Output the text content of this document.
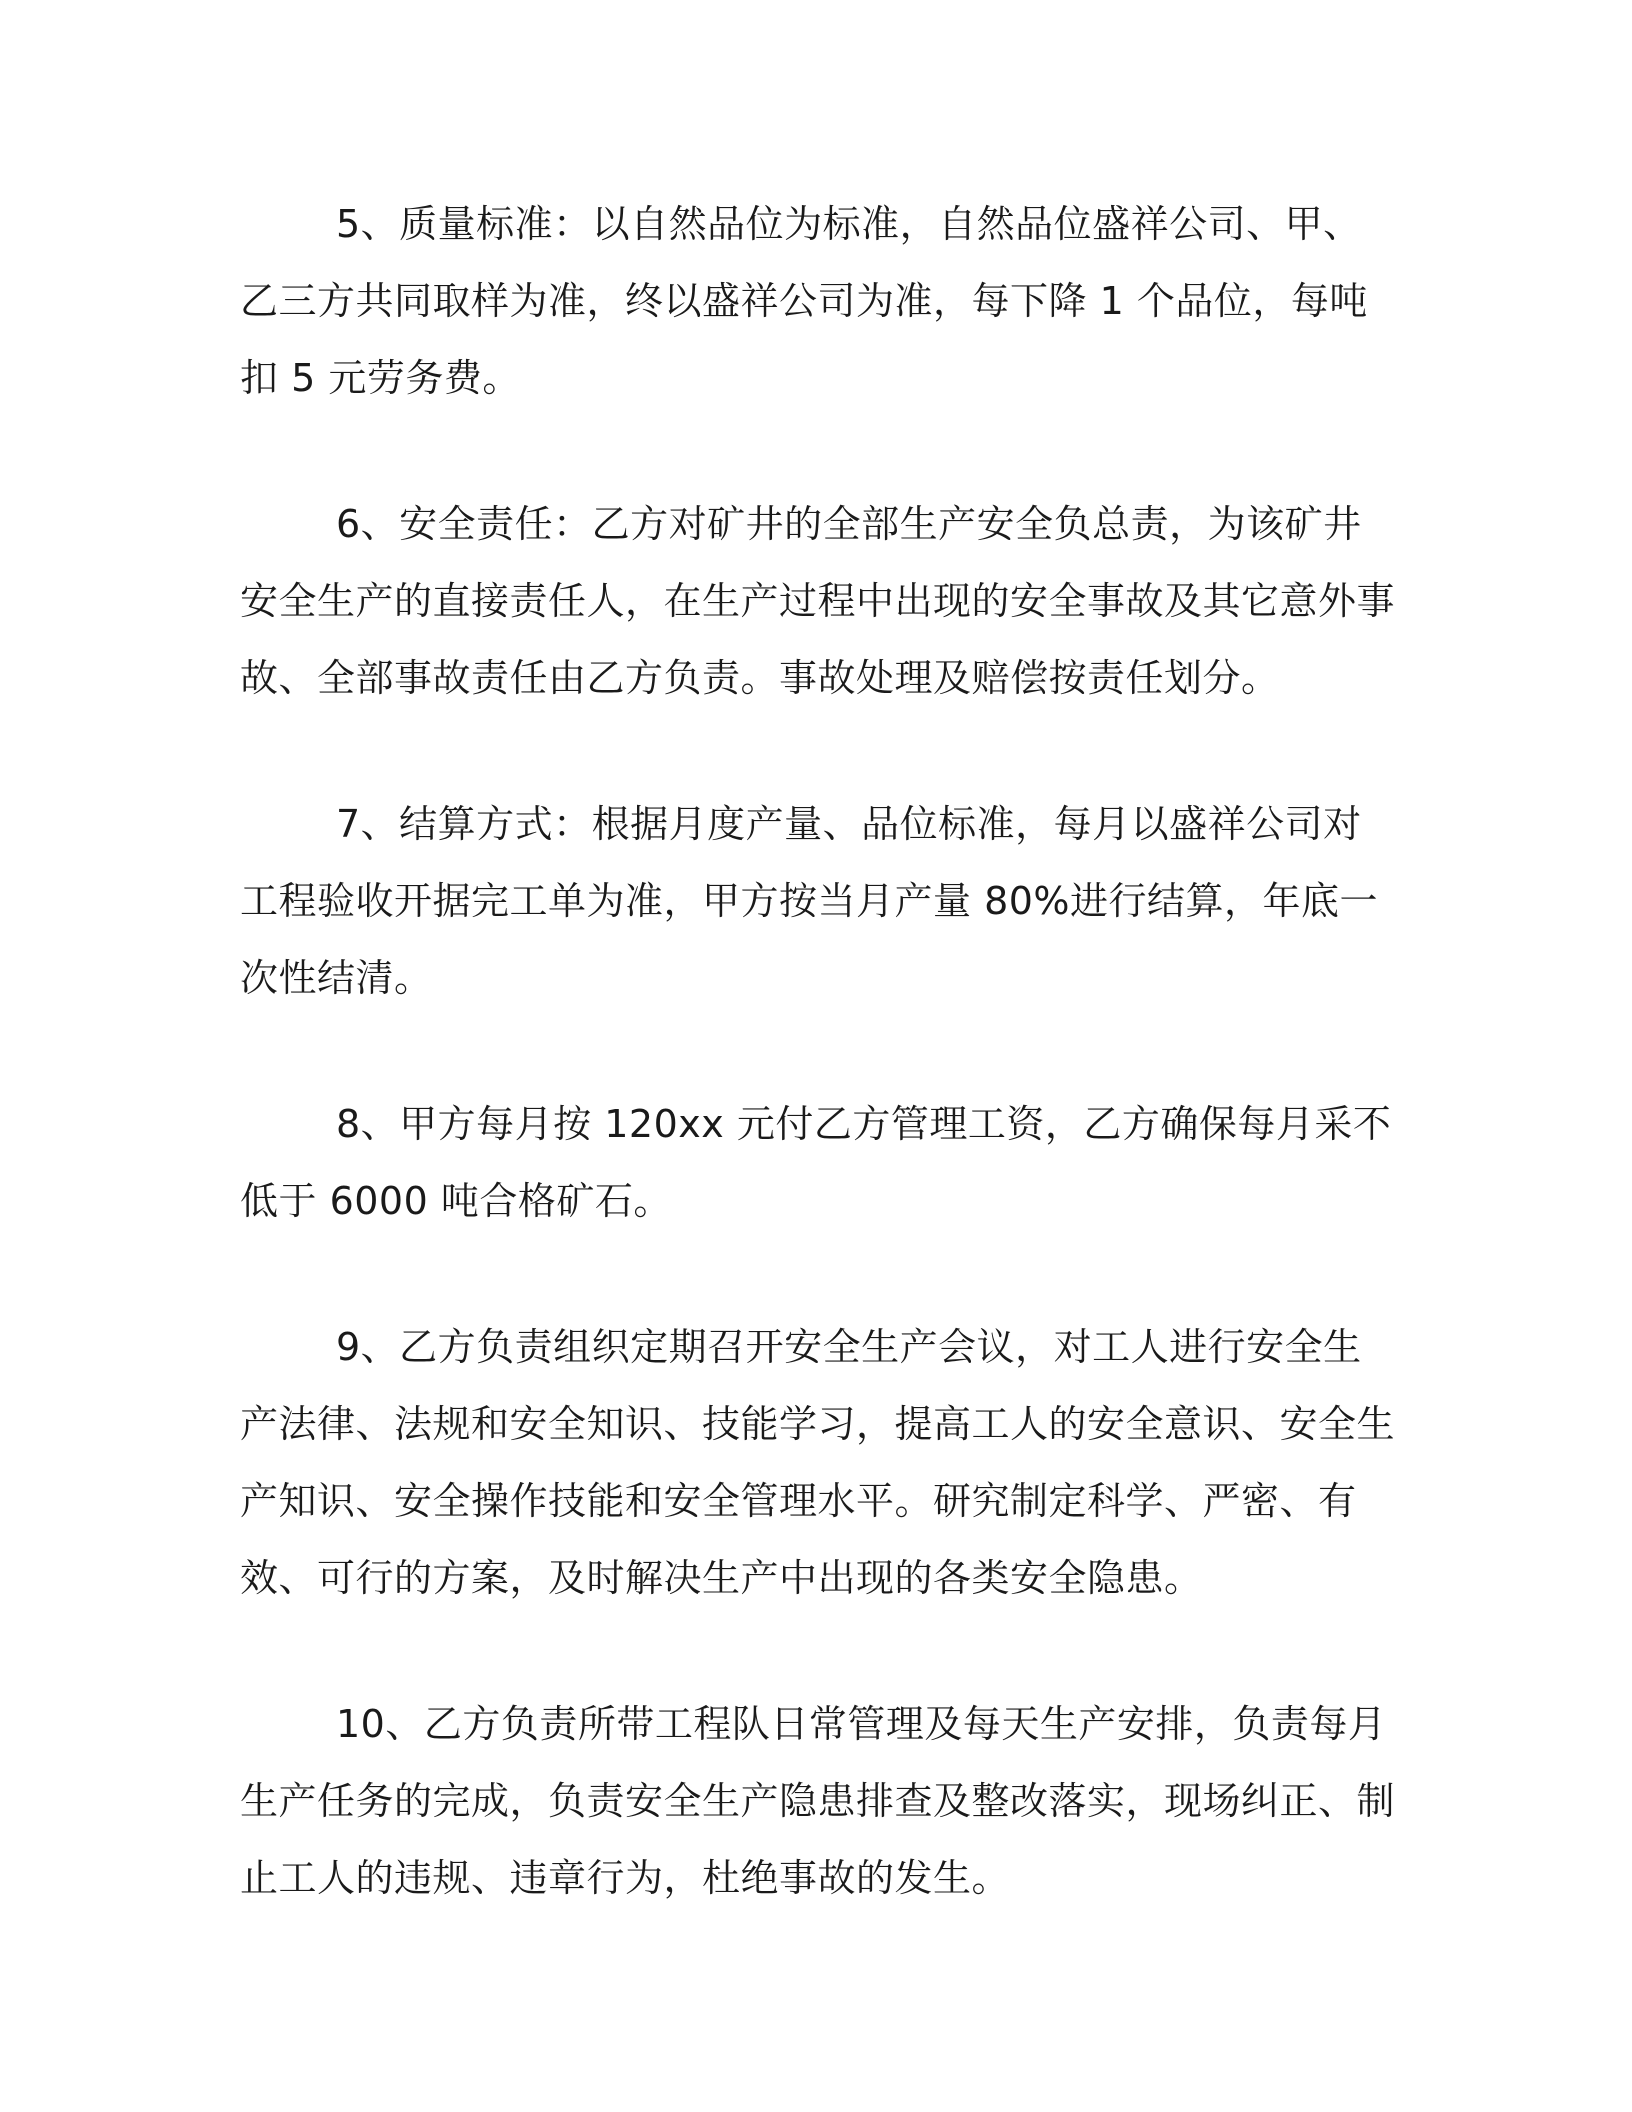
5、质量标准：以自然品位为标准，自然品位盛祥公司、甲、乙三方共同取样为准，终以盛祥公司为准，每下降 1 个品位，每吨扣 5 元劳务费。

6、安全责任：乙方对矿井的全部生产安全负总责，为该矿井安全生产的直接责任人，在生产过程中出现的安全事故及其它意外事故、全部事故责任由乙方负责。事故处理及赔偿按责任划分。

7、结算方式：根据月度产量、品位标准，每月以盛祥公司对工程验收开据完工单为准，甲方按当月产量 80%进行结算，年底一次性结清。

8、甲方每月按 120xx 元付乙方管理工资，乙方确保每月采不低于 6000 吨合格矿石。

9、乙方负责组织定期召开安全生产会议，对工人进行安全生产法律、法规和安全知识、技能学习，提高工人的安全意识、安全生产知识、安全操作技能和安全管理水平。研究制定科学、严密、有效、可行的方案，及时解决生产中出现的各类安全隐患。

10、乙方负责所带工程队日常管理及每天生产安排，负责每月生产任务的完成，负责安全生产隐患排查及整改落实，现场纠正、制止工人的违规、违章行为，杜绝事故的发生。
